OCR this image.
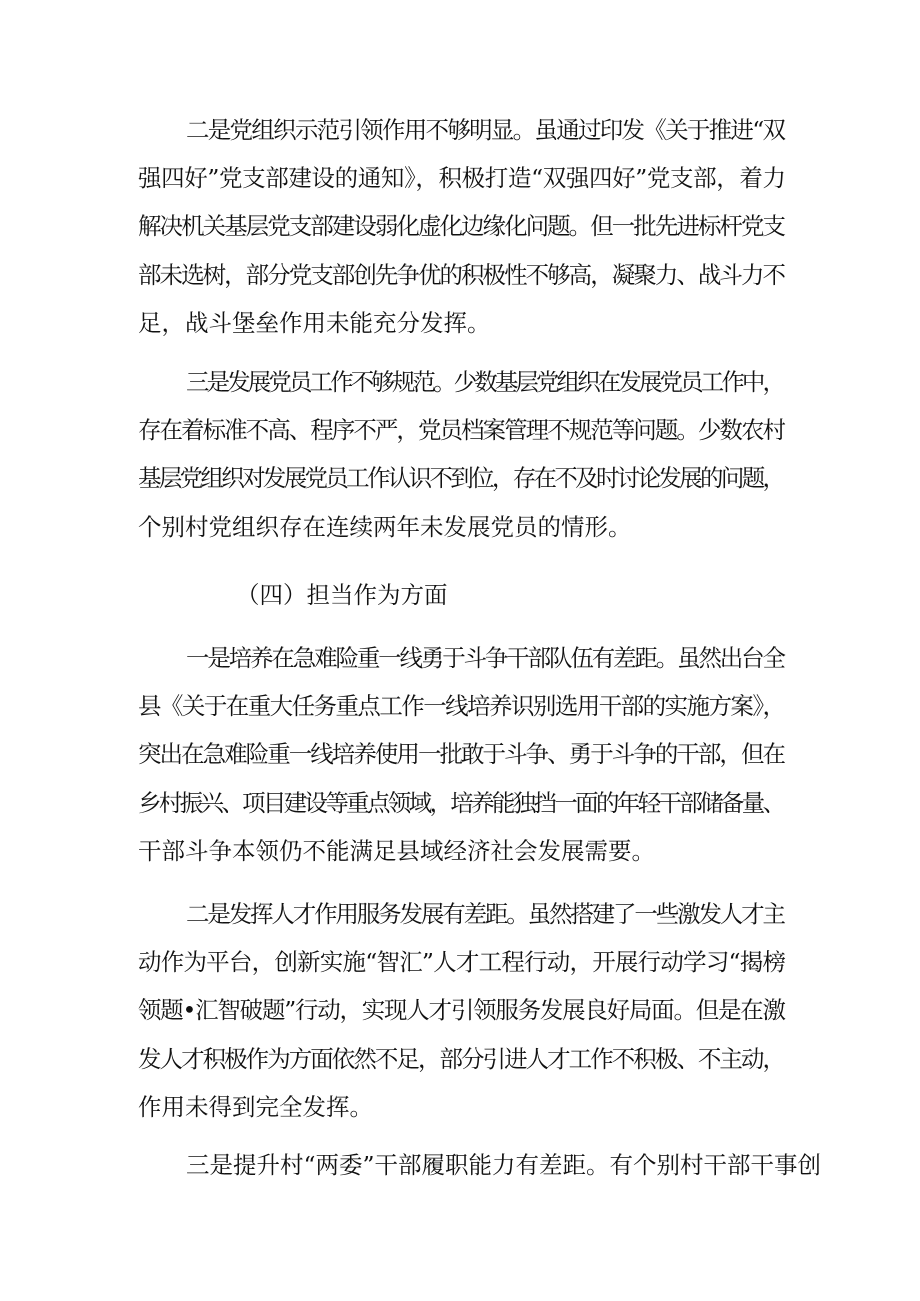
二是党组织示范引领作用不够明显。虽通过印发《关于推进“双
强四好”党支部建设的通知》，积极打造“双强四好”党支部，着力
解决机关基层党支部建设弱化虚化边缘化问题。但一批先进标杆党支
部未选树，部分党支部创先争优的积极性不够高，凝聚力、战斗力不
足，战斗堡垒作用未能充分发挥。
三是发展党员工作不够规范。少数基层党组织在发展党员工作中，
存在着标准不高、程序不严，党员档案管理不规范等问题。少数农村
基层党组织对发展党员工作认识不到位，存在不及时讨论发展的问题，
个别村党组织存在连续两年未发展党员的情形。

（四）担当作为方面

一是培养在急难险重一线勇于斗争干部队伍有差距。虽然出台全
县《关于在重大任务重点工作一线培养识别选用干部的实施方案》，
突出在急难险重一线培养使用一批敢于斗争、勇于斗争的干部，但在
乡村振兴、项目建设等重点领域，培养能独挡一面的年轻干部储备量、
干部斗争本领仍不能满足县域经济社会发展需要。
二是发挥人才作用服务发展有差距。虽然搭建了一些激发人才主
动作为平台，创新实施“智汇”人才工程行动，开展行动学习“揭榜
领题•汇智破题”行动，实现人才引领服务发展良好局面。但是在激
发人才积极作为方面依然不足，部分引进人才工作不积极、不主动，
作用未得到完全发挥。
三是提升村“两委”干部履职能力有差距。有个别村干部干事创
